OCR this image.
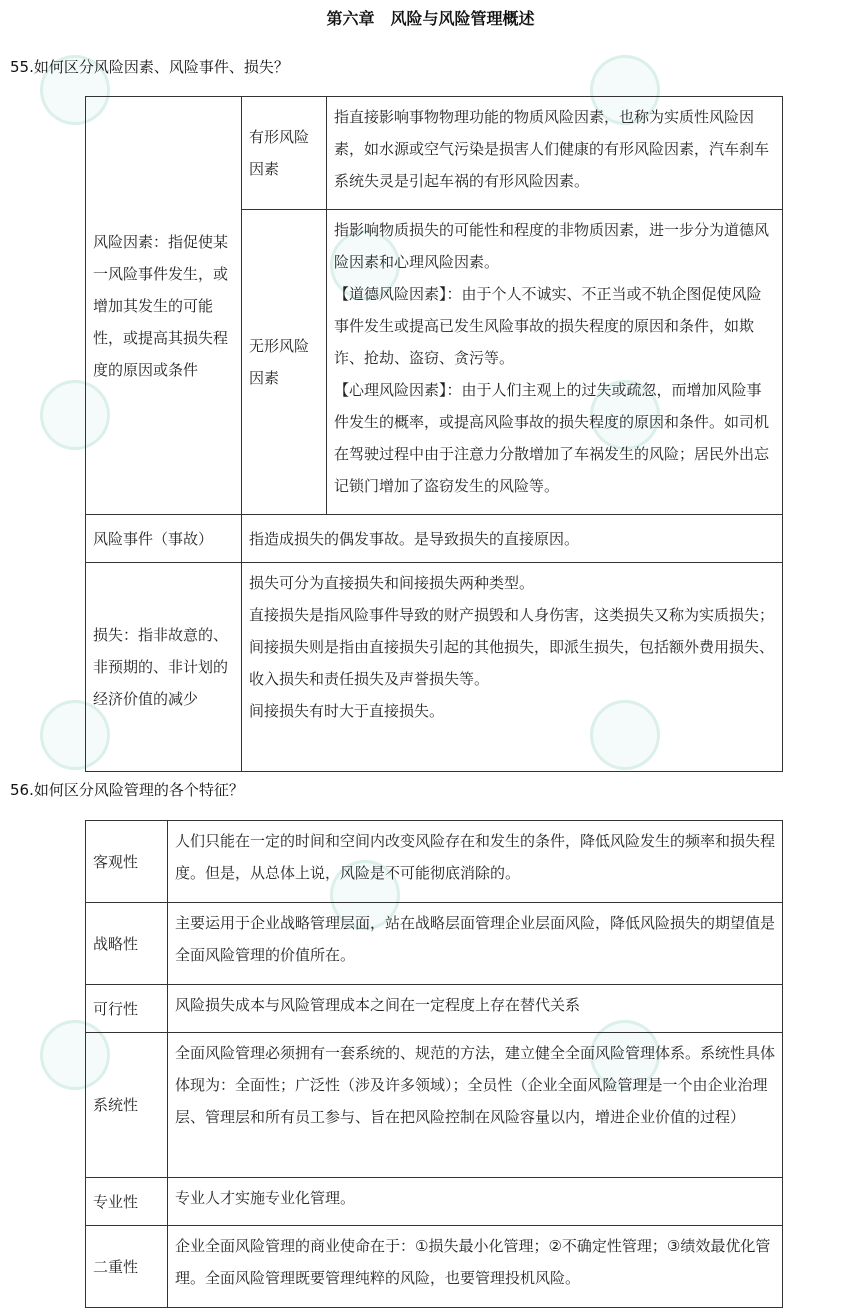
第六章　风险与风险管理概述
55.如何区分风险因素、风险事件、损失？
风险因素：指促使某一风险事件发生，或增加其发生的可能性，或提高其损失程度的原因或条件	有形风险因素	指直接影响事物物理功能的物质风险因素，也称为实质性风险因素，如水源或空气污染是损害人们健康的有形风险因素，汽车刹车系统失灵是引起车祸的有形风险因素。
	无形风险因素	指影响物质损失的可能性和程度的非物质因素，进一步分为道德风险因素和心理风险因素。
【道德风险因素】：由于个人不诚实、不正当或不轨企图促使风险事件发生或提高已发生风险事故的损失程度的原因和条件，如欺诈、抢劫、盗窃、贪污等。
【心理风险因素】：由于人们主观上的过失或疏忽，而增加风险事件发生的概率，或提高风险事故的损失程度的原因和条件。如司机在驾驶过程中由于注意力分散增加了车祸发生的风险；居民外出忘记锁门增加了盗窃发生的风险等。

风险事件（事故）	指造成损失的偶发事故。是导致损失的直接原因。	
损失：指非故意的、非预期的、非计划的经济价值的减少	损失可分为直接损失和间接损失两种类型。
直接损失是指风险事件导致的财产损毁和人身伤害，这类损失又称为实质损失；
间接损失则是指由直接损失引起的其他损失，即派生损失，包括额外费用损失、收入损失和责任损失及声誉损失等。
间接损失有时大于直接损失。	
56.如何区分风险管理的各个特征？
客观性	人们只能在一定的时间和空间内改变风险存在和发生的条件，降低风险发生的频率和损失程度。但是，从总体上说，风险是不可能彻底消除的。
战略性	主要运用于企业战略管理层面，站在战略层面管理企业层面风险，降低风险损失的期望值是全面风险管理的价值所在。
可行性	风险损失成本与风险管理成本之间在一定程度上存在替代关系
系统性	全面风险管理必须拥有一套系统的、规范的方法，建立健全全面风险管理体系。系统性具体体现为：全面性；广泛性（涉及许多领域）；全员性（企业全面风险管理是一个由企业治理层、管理层和所有员工参与、旨在把风险控制在风险容量以内，增进企业价值的过程）
专业性	专业人才实施专业化管理。
二重性	企业全面风险管理的商业使命在于：①损失最小化管理；②不确定性管理；③绩效最优化管理。全面风险管理既要管理纯粹的风险，也要管理投机风险。
